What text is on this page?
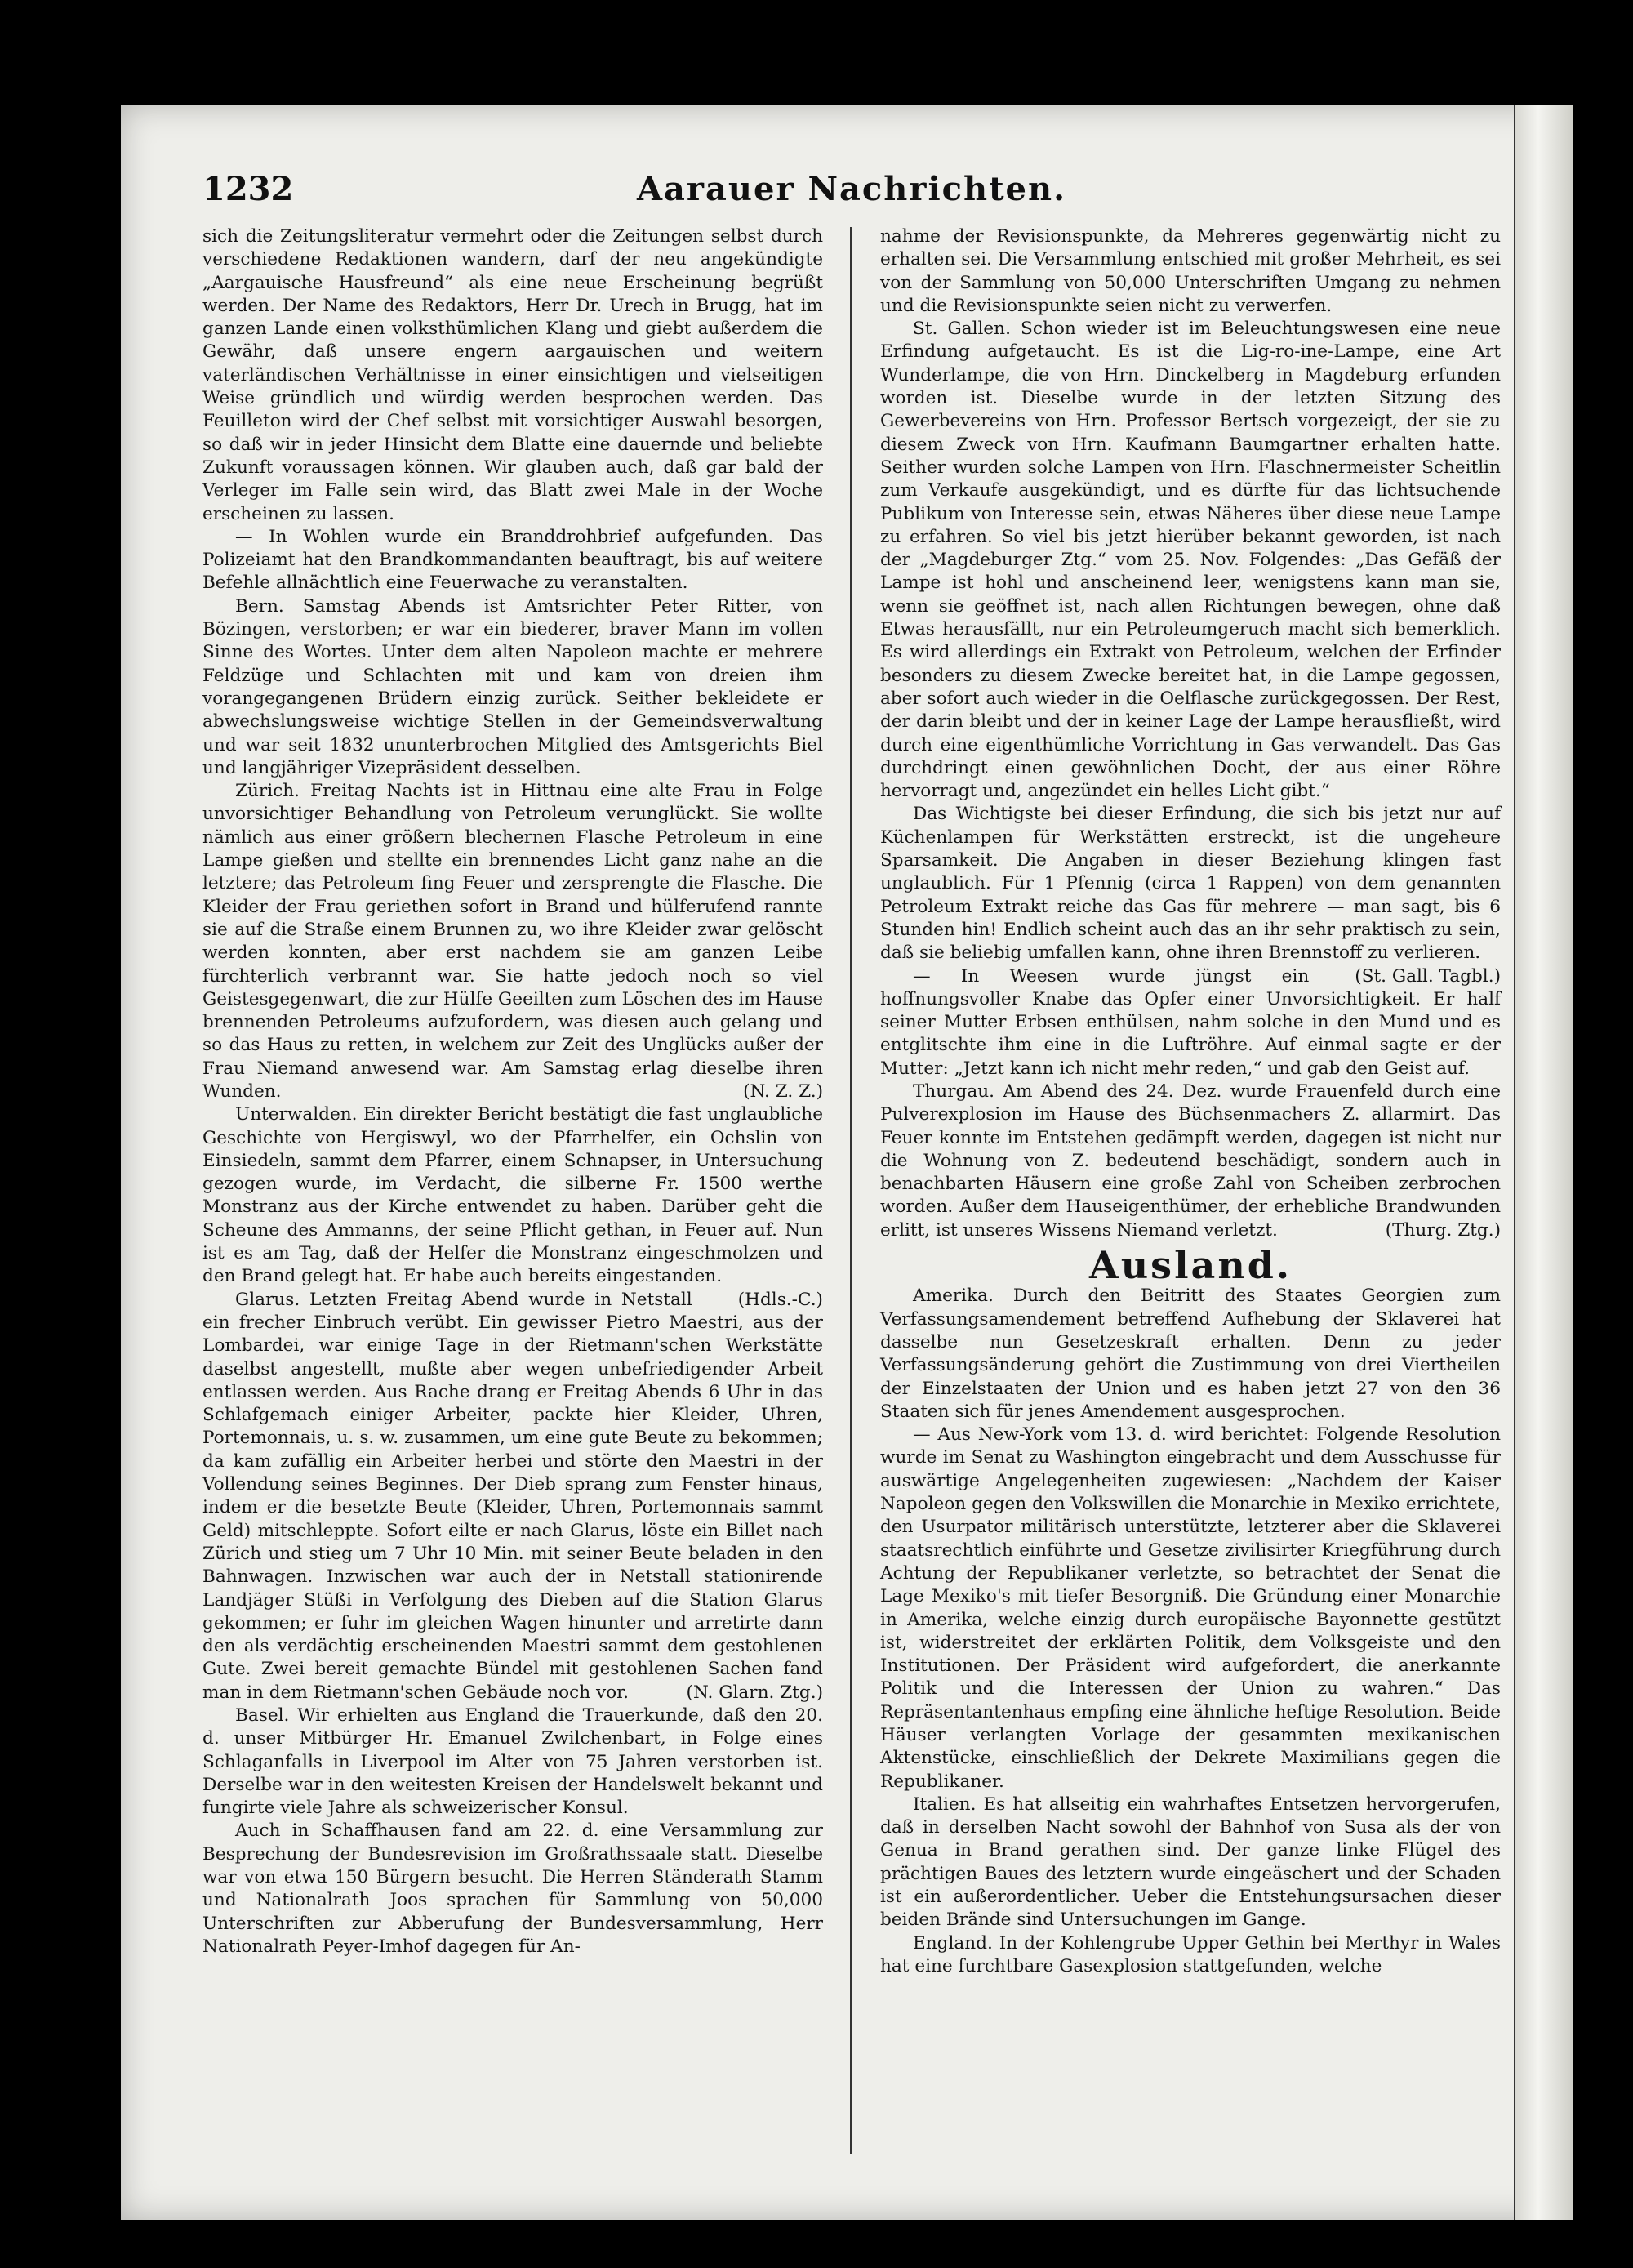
1232	Aarauer Nachrichten.

sich die Zeitungsliteratur vermehrt oder die Zeitungen selbst durch verschiedene Redaktionen wandern, darf der neu angekündigte „Aargauische Hausfreund“ als eine neue Erscheinung begrüßt werden. Der Name des Redaktors, Herr Dr. Urech in Brugg, hat im ganzen Lande einen volksthümlichen Klang und giebt außerdem die Gewähr, daß unsere engern aargauischen und weitern vaterländischen Verhältnisse in einer einsichtigen und vielseitigen Weise gründlich und würdig werden besprochen werden. Das Feuilleton wird der Chef selbst mit vorsichtiger Auswahl besorgen, so daß wir in jeder Hinsicht dem Blatte eine dauernde und beliebte Zukunft voraussagen können. Wir glauben auch, daß gar bald der Verleger im Falle sein wird, das Blatt zwei Male in der Woche erscheinen zu lassen.

— In Wohlen wurde ein Branddrohbrief aufgefunden. Das Polizeiamt hat den Brandkommandanten beauftragt, bis auf weitere Befehle allnächtlich eine Feuerwache zu veranstalten.

Bern. Samstag Abends ist Amtsrichter Peter Ritter, von Bözingen, verstorben; er war ein biederer, braver Mann im vollen Sinne des Wortes. Unter dem alten Napoleon machte er mehrere Feldzüge und Schlachten mit und kam von dreien ihm vorangegangenen Brüdern einzig zurück. Seither bekleidete er abwechslungsweise wichtige Stellen in der Gemeindsverwaltung und war seit 1832 ununterbrochen Mitglied des Amtsgerichts Biel und langjähriger Vizepräsident desselben.

Zürich. Freitag Nachts ist in Hittnau eine alte Frau in Folge unvorsichtiger Behandlung von Petroleum verunglückt. Sie wollte nämlich aus einer größern blechernen Flasche Petroleum in eine Lampe gießen und stellte ein brennendes Licht ganz nahe an die letztere; das Petroleum fing Feuer und zersprengte die Flasche. Die Kleider der Frau geriethen sofort in Brand und hülferufend rannte sie auf die Straße einem Brunnen zu, wo ihre Kleider zwar gelöscht werden konnten, aber erst nachdem sie am ganzen Leibe fürchterlich verbrannt war. Sie hatte jedoch noch so viel Geistesgegenwart, die zur Hülfe Geeilten zum Löschen des im Hause brennenden Petroleums aufzufordern, was diesen auch gelang und so das Haus zu retten, in welchem zur Zeit des Unglücks außer der Frau Niemand anwesend war. Am Samstag erlag dieselbe ihren Wunden.	(N. Z. Z.)

Unterwalden. Ein direkter Bericht bestätigt die fast unglaubliche Geschichte von Hergiswyl, wo der Pfarrhelfer, ein Ochslin von Einsiedeln, sammt dem Pfarrer, einem Schnapser, in Untersuchung gezogen wurde, im Verdacht, die silberne Fr. 1500 werthe Monstranz aus der Kirche entwendet zu haben. Darüber geht die Scheune des Ammanns, der seine Pflicht gethan, in Feuer auf. Nun ist es am Tag, daß der Helfer die Monstranz eingeschmolzen und den Brand gelegt hat. Er habe auch bereits eingestanden.
(Hdls.-C.)

Glarus. Letzten Freitag Abend wurde in Netstall ein frecher Einbruch verübt. Ein gewisser Pietro Maestri, aus der Lombardei, war einige Tage in der Rietmann'schen Werkstätte daselbst angestellt, mußte aber wegen unbefriedigender Arbeit entlassen werden. Aus Rache drang er Freitag Abends 6 Uhr in das Schlafgemach einiger Arbeiter, packte hier Kleider, Uhren, Portemonnais, u. s. w. zusammen, um eine gute Beute zu bekommen; da kam zufällig ein Arbeiter herbei und störte den Maestri in der Vollendung seines Beginnes. Der Dieb sprang zum Fenster hinaus, indem er die besetzte Beute (Kleider, Uhren, Portemonnais sammt Geld) mitschleppte. Sofort eilte er nach Glarus, löste ein Billet nach Zürich und stieg um 7 Uhr 10 Min. mit seiner Beute beladen in den Bahnwagen. Inzwischen war auch der in Netstall stationirende Landjäger Stüßi in Verfolgung des Dieben auf die Station Glarus gekommen; er fuhr im gleichen Wagen hinunter und arretirte dann den als verdächtig erscheinenden Maestri sammt dem gestohlenen Gute. Zwei bereit gemachte Bündel mit gestohlenen Sachen fand man in dem Rietmann'schen Gebäude noch vor.	(N. Glarn. Ztg.)

Basel. Wir erhielten aus England die Trauerkunde, daß den 20. d. unser Mitbürger Hr. Emanuel Zwilchenbart, in Folge eines Schlaganfalls in Liverpool im Alter von 75 Jahren verstorben ist. Derselbe war in den weitesten Kreisen der Handelswelt bekannt und fungirte viele Jahre als schweizerischer Konsul.

Auch in Schaffhausen fand am 22. d. eine Versammlung zur Besprechung der Bundesrevision im Großrathssaale statt. Dieselbe war von etwa 150 Bürgern besucht. Die Herren Ständerath Stamm und Nationalrath Joos sprachen für Sammlung von 50,000 Unterschriften zur Abberufung der Bundesversammlung, Herr Nationalrath Peyer-Imhof dagegen für An-

nahme der Revisionspunkte, da Mehreres gegenwärtig nicht zu erhalten sei. Die Versammlung entschied mit großer Mehrheit, es sei von der Sammlung von 50,000 Unterschriften Umgang zu nehmen und die Revisionspunkte seien nicht zu verwerfen.

St. Gallen. Schon wieder ist im Beleuchtungswesen eine neue Erfindung aufgetaucht. Es ist die Lig-ro-ine-Lampe, eine Art Wunderlampe, die von Hrn. Dinckelberg in Magdeburg erfunden worden ist. Dieselbe wurde in der letzten Sitzung des Gewerbevereins von Hrn. Professor Bertsch vorgezeigt, der sie zu diesem Zweck von Hrn. Kaufmann Baumgartner erhalten hatte. Seither wurden solche Lampen von Hrn. Flaschnermeister Scheitlin zum Verkaufe ausgekündigt, und es dürfte für das lichtsuchende Publikum von Interesse sein, etwas Näheres über diese neue Lampe zu erfahren. So viel bis jetzt hierüber bekannt geworden, ist nach der „Magdeburger Ztg.“ vom 25. Nov. Folgendes: „Das Gefäß der Lampe ist hohl und anscheinend leer, wenigstens kann man sie, wenn sie geöffnet ist, nach allen Richtungen bewegen, ohne daß Etwas herausfällt, nur ein Petroleumgeruch macht sich bemerklich. Es wird allerdings ein Extrakt von Petroleum, welchen der Erfinder besonders zu diesem Zwecke bereitet hat, in die Lampe gegossen, aber sofort auch wieder in die Oelflasche zurückgegossen. Der Rest, der darin bleibt und der in keiner Lage der Lampe herausfließt, wird durch eine eigenthümliche Vorrichtung in Gas verwandelt. Das Gas durchdringt einen gewöhnlichen Docht, der aus einer Röhre hervorragt und, angezündet ein helles Licht gibt.“

Das Wichtigste bei dieser Erfindung, die sich bis jetzt nur auf Küchenlampen für Werkstätten erstreckt, ist die ungeheure Sparsamkeit. Die Angaben in dieser Beziehung klingen fast unglaublich. Für 1 Pfennig (circa 1 Rappen) von dem genannten Petroleum Extrakt reiche das Gas für mehrere — man sagt, bis 6 Stunden hin! Endlich scheint auch das an ihr sehr praktisch zu sein, daß sie beliebig umfallen kann, ohne ihren Brennstoff zu verlieren.
(St. Gall. Tagbl.)

— In Weesen wurde jüngst ein hoffnungsvoller Knabe das Opfer einer Unvorsichtigkeit. Er half seiner Mutter Erbsen enthülsen, nahm solche in den Mund und es entglitschte ihm eine in die Luftröhre. Auf einmal sagte er der Mutter: „Jetzt kann ich nicht mehr reden,“ und gab den Geist auf.

Thurgau. Am Abend des 24. Dez. wurde Frauenfeld durch eine Pulverexplosion im Hause des Büchsenmachers Z. allarmirt. Das Feuer konnte im Entstehen gedämpft werden, dagegen ist nicht nur die Wohnung von Z. bedeutend beschädigt, sondern auch in benachbarten Häusern eine große Zahl von Scheiben zerbrochen worden. Außer dem Hauseigenthümer, der erhebliche Brandwunden erlitt, ist unseres Wissens Niemand verletzt.	(Thurg. Ztg.)

Ausland.

Amerika. Durch den Beitritt des Staates Georgien zum Verfassungsamendement betreffend Aufhebung der Sklaverei hat dasselbe nun Gesetzeskraft erhalten. Denn zu jeder Verfassungsänderung gehört die Zustimmung von drei Viertheilen der Einzelstaaten der Union und es haben jetzt 27 von den 36 Staaten sich für jenes Amendement ausgesprochen.

— Aus New-York vom 13. d. wird berichtet: Folgende Resolution wurde im Senat zu Washington eingebracht und dem Ausschusse für auswärtige Angelegenheiten zugewiesen: „Nachdem der Kaiser Napoleon gegen den Volkswillen die Monarchie in Mexiko errichtete, den Usurpator militärisch unterstützte, letzterer aber die Sklaverei staatsrechtlich einführte und Gesetze zivilisirter Kriegführung durch Achtung der Republikaner verletzte, so betrachtet der Senat die Lage Mexiko's mit tiefer Besorgniß. Die Gründung einer Monarchie in Amerika, welche einzig durch europäische Bayonnette gestützt ist, widerstreitet der erklärten Politik, dem Volksgeiste und den Institutionen. Der Präsident wird aufgefordert, die anerkannte Politik und die Interessen der Union zu wahren.“ Das Repräsentantenhaus empfing eine ähnliche heftige Resolution. Beide Häuser verlangten Vorlage der gesammten mexikanischen Aktenstücke, einschließlich der Dekrete Maximilians gegen die Republikaner.

Italien. Es hat allseitig ein wahrhaftes Entsetzen hervorgerufen, daß in derselben Nacht sowohl der Bahnhof von Susa als der von Genua in Brand gerathen sind. Der ganze linke Flügel des prächtigen Baues des letztern wurde eingeäschert und der Schaden ist ein außerordentlicher. Ueber die Entstehungsursachen dieser beiden Brände sind Untersuchungen im Gange.

England. In der Kohlengrube Upper Gethin bei Merthyr in Wales hat eine furchtbare Gasexplosion stattgefunden, welche
